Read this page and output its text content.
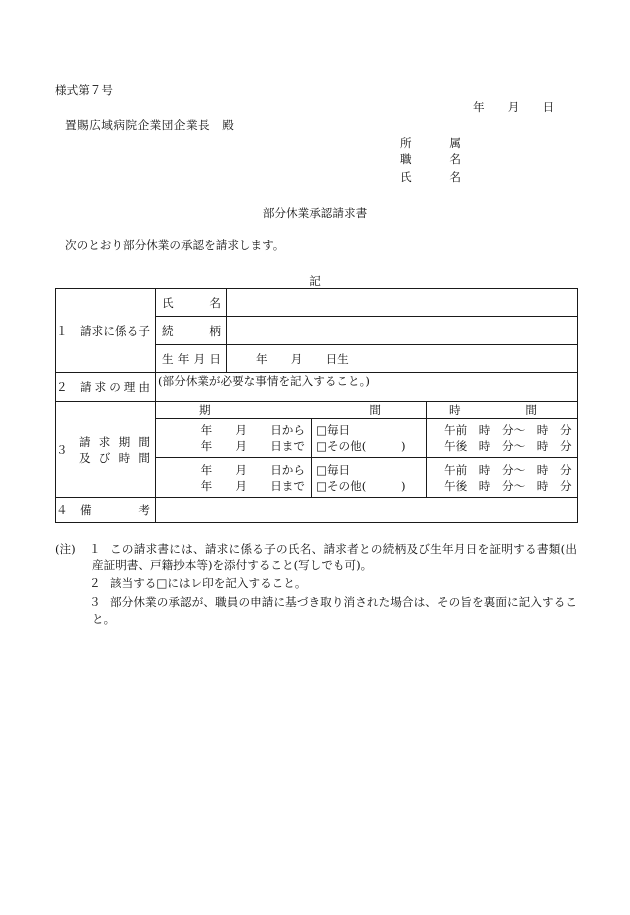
様式第７号
年　　月　　日
置賜広域病院企業団企業長　殿
所　　属
職　　名
氏　　名
部分休業承認請求書
次のとおり部分休業の承認を請求します。
記
１ 請求に係る子
氏　　名
続　　柄
生年月日	年　　月　　日生
２ 請求の理由 (部分休業が必要な事情を記入すること。)
３
請求期間
及び時間
期間	時間
年　　月　　日から
年　　月　　日まで
□毎日
□その他(　　　)
午前　時　分～　時　分
午後　時　分～　時　分
年　　月　　日から
年　　月　　日まで
□毎日
□その他(　　　)
午前　時　分～　時　分
午後　時　分～　時　分
４ 備　　考
(注) １ この請求書には、請求に係る子の氏名、請求者との続柄及び生年月日を証明する書類(出
産証明書、戸籍抄本等)を添付すること(写しでも可)。
２ 該当する□にはレ印を記入すること。
３ 部分休業の承認が、職員の申請に基づき取り消された場合は、その旨を裏面に記入するこ
と。
